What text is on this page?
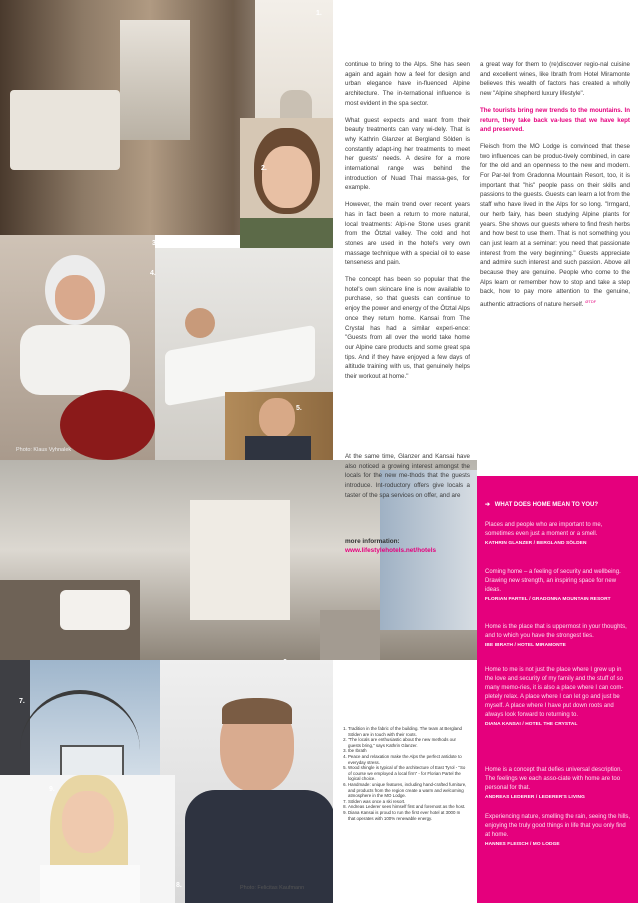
1.
2.
3.
Photo: Klaus Vyhnalek
4.
5.
7.
8.	Photo: Felicitas Kaufmann
9.

continue to bring to the Alps. She has seen again and again how a feel for design and urban elegance have in-fluenced Alpine architecture. The in-ternational influence is most evident in the spa sector.

What guest expects and want from their beauty treatments can vary wi-dely. That is why Kathrin Glanzer at Bergland Sölden is constantly adapt-ing her treatments to meet her guests' needs. A desire for a more international range was behind the introduction of Nuad Thai massa-ges, for example.

However, the main trend over recent years has in fact been a return to more natural, local treatments: Alpi-ne Stone uses granit from the Ötztal valley. The cold and hot stones are used in the hotel's very own massage technique with a special oil to ease tenseness and pain.

The concept has been so popular that the hotel's own skincare line is now available to purchase, so that guests can continue to enjoy the power and energy of the Ötztal Alps once they return home. Kansai from The Crystal has had a similar experi-ence: "Guests from all over the world take home our Alpine care products and some great spa tips. And if they have enjoyed a few days of altitude training with us, that genuinely helps their workout at home."

At the same time, Glanzer and Kansai have also noticed a growing interest amongst the locals for the new me-thods that the guests introduce. Int-roductory offers give locals a taster of the spa services on offer, and are

more information:
www.lifestylehotels.net/hotels

a great way for them to (re)discover regio-nal cuisine and excellent wines, like Ibrath from Hotel Miramonte believes this wealth of factors has created a wholly new "Alpine shepherd luxury lifestyle".

The tourists bring new trends to the mountains. In return, they take back va-lues that we have kept and preserved.

Fleisch from the MO Lodge is convinced that these two influences can be produc-tively combined, in care for the old and an openness to the new and modern. For Par-tel from Gradonna Mountain Resort, too, it is important that "his" people pass on their skills and passions to the guests. Guests can learn a lot from the staff who have lived in the Alps for so long. "Irmgard, our herb fairy, has been studying Alpine plants for years. She shows our guests where to find fresh herbs and how best to use them. That is not something you can just learn at a seminar: you need that passionate interest from the very beginning." Guests appreciate and admire such interest and such passion. Above all because they are genuine. People who come to the Alps learn or remember how to stop and take a step back, how to pay more attention to the genuine, authentic attractions of nature herself. $^{ØTDF}$

1. Tradition in the fabric of the building. The team at Bergland Sölden are in touch with their roots.
2. "The locals are enthusiastic about the new methods our guests bring," says Kathrin Glanzer.
3. Ibe Ibrath
4. Peace and relaxation make the Alps the perfect antidote to everyday stress.
5. Wood shingle is typical of the architecture of East Tyrol - "So of course we employed a local firm" - for Florian Partel the logical choice.
6. Handmade: unique features, including hand-crafted furniture, and products from the region create a warm and welcoming atmosphere in the MO Lodge.
7. Sölden was once a ski resort.
8. Andreas Lederer sees himself first and foremost as the host.
9. Diana Kansai is proud to run the first ever hotel at 3000 m that operates with 100% renewable energy.
➔ WHAT DOES HOME MEAN TO YOU?
Places and people who are important to me, sometimes even just a moment or a smell.
KATHRIN GLANZER / BERGLAND SÖLDEN
Coming home – a feeling of security and wellbeing. Drawing new strength, an inspiring space for new ideas.
FLORIAN PARTEL / GRADONNA MOUNTAIN RESORT
Home is the place that is uppermost in your thoughts, and to which you have the strongest ties.
IBE IBRATH / HOTEL MIRAMONTE
Home to me is not just the place where I grew up in the love and security of my family and the stuff of so many memo-ries, it is also a place where I can com-pletely relax. A place where I can let go and just be myself. A place where I have put down roots and always look forward to returning to.
DIANA KANSAI / HOTEL THE CRYSTAL
Home is a concept that defies universal description. The feelings we each asso-ciate with home are too personal for that.
ANDREAS LEDERER / LEDERER'S LIVING
Experiencing nature, smelling the rain, seeing the hills, enjoying the truly good things in life that you only find at home.
HANNES FLEISCH / MO LODGE
